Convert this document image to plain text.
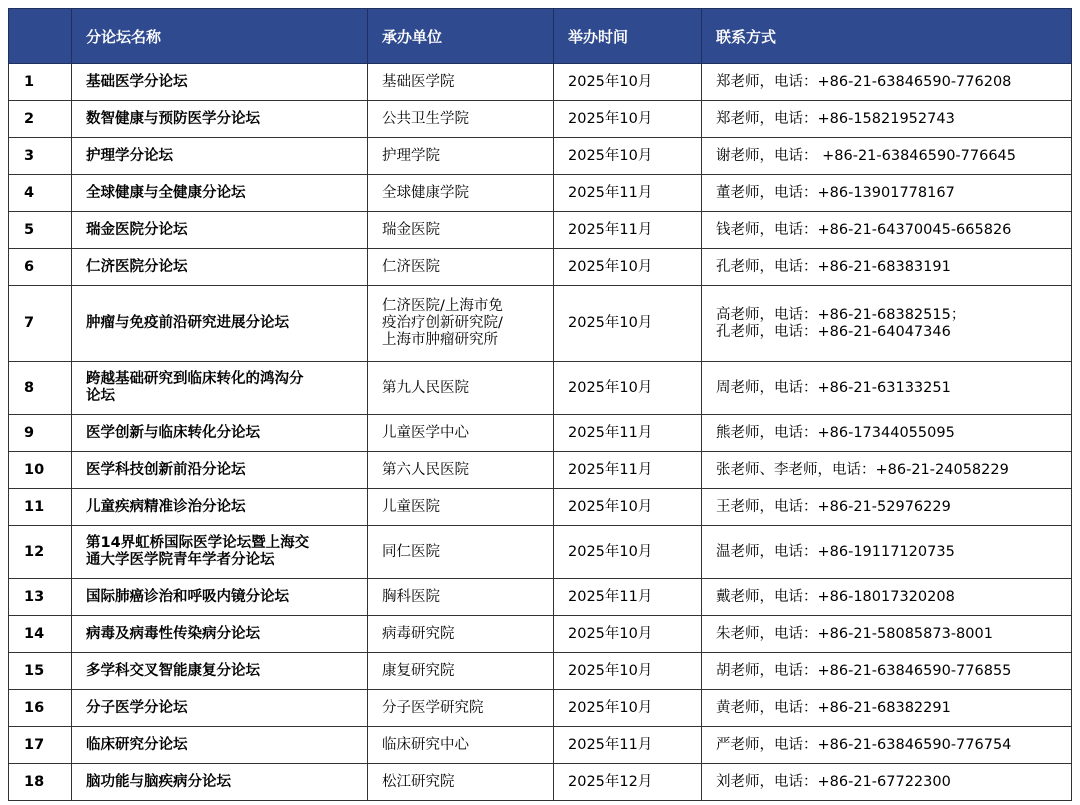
	分论坛名称	承办单位	举办时间	联系方式
1	基础医学分论坛	基础医学院	2025年10月	郑老师，电话：+86-21-63846590-776208
2	数智健康与预防医学分论坛	公共卫生学院	2025年10月	郑老师，电话：+86-15821952743
3	护理学分论坛	护理学院	2025年10月	谢老师，电话： +86-21-63846590-776645
4	全球健康与全健康分论坛	全球健康学院	2025年11月	董老师，电话：+86-13901778167
5	瑞金医院分论坛	瑞金医院	2025年11月	钱老师，电话：+86-21-64370045-665826
6	仁济医院分论坛	仁济医院	2025年10月	孔老师，电话：+86-21-68383191
7	肿瘤与免疫前沿研究进展分论坛	仁济医院/上海市免
疫治疗创新研究院/
上海市肿瘤研究所	2025年10月	高老师，电话：+86-21-68382515；
孔老师，电话：+86-21-64047346
8	跨越基础研究到临床转化的鸿沟分
论坛	第九人民医院	2025年10月	周老师，电话：+86-21-63133251
9	医学创新与临床转化分论坛	儿童医学中心	2025年11月	熊老师，电话：+86-17344055095
10	医学科技创新前沿分论坛	第六人民医院	2025年11月	张老师、李老师，电话：+86-21-24058229
11	儿童疾病精准诊治分论坛	儿童医院	2025年10月	王老师，电话：+86-21-52976229
12	第14界虹桥国际医学论坛暨上海交
通大学医学院青年学者分论坛	同仁医院	2025年10月	温老师，电话：+86-19117120735
13	国际肺癌诊治和呼吸内镜分论坛	胸科医院	2025年11月	戴老师，电话：+86-18017320208
14	病毒及病毒性传染病分论坛	病毒研究院	2025年10月	朱老师，电话：+86-21-58085873-8001
15	多学科交叉智能康复分论坛	康复研究院	2025年10月	胡老师，电话：+86-21-63846590-776855
16	分子医学分论坛	分子医学研究院	2025年10月	黄老师，电话：+86-21-68382291
17	临床研究分论坛	临床研究中心	2025年11月	严老师，电话：+86-21-63846590-776754
18	脑功能与脑疾病分论坛	松江研究院	2025年12月	刘老师，电话：+86-21-67722300
